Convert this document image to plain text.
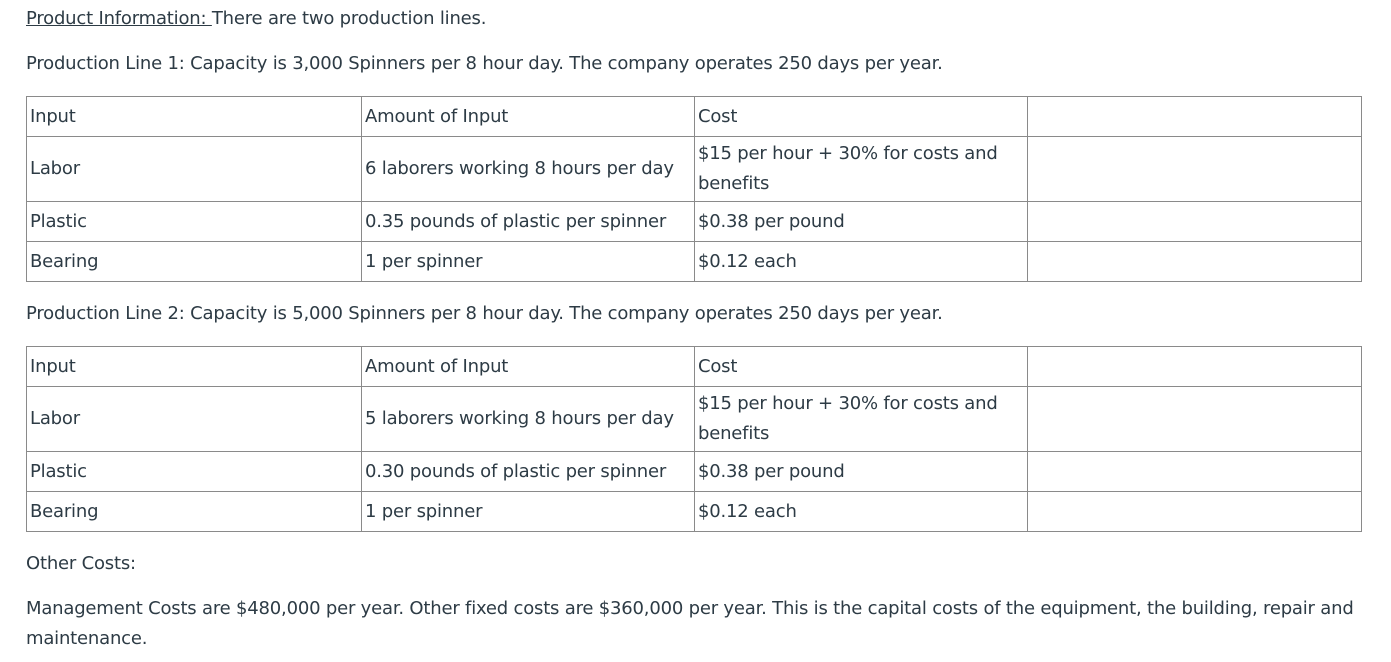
Product Information: There are two production lines.

Production Line 1: Capacity is 3,000 Spinners per 8 hour day. The company operates 250 days per year.

Input	Amount of Input	Cost	
Labor	6 laborers working 8 hours per day	$15 per hour + 30% for costs and benefits	
Plastic	0.35 pounds of plastic per spinner	$0.38 per pound	
Bearing	1 per spinner	$0.12 each	

Production Line 2: Capacity is 5,000 Spinners per 8 hour day. The company operates 250 days per year.

Input	Amount of Input	Cost	
Labor	5 laborers working 8 hours per day	$15 per hour + 30% for costs and benefits	
Plastic	0.30 pounds of plastic per spinner	$0.38 per pound	
Bearing	1 per spinner	$0.12 each	

Other Costs:

Management Costs are $480,000 per year. Other fixed costs are $360,000 per year. This is the capital costs of the equipment, the building, repair and maintenance.
